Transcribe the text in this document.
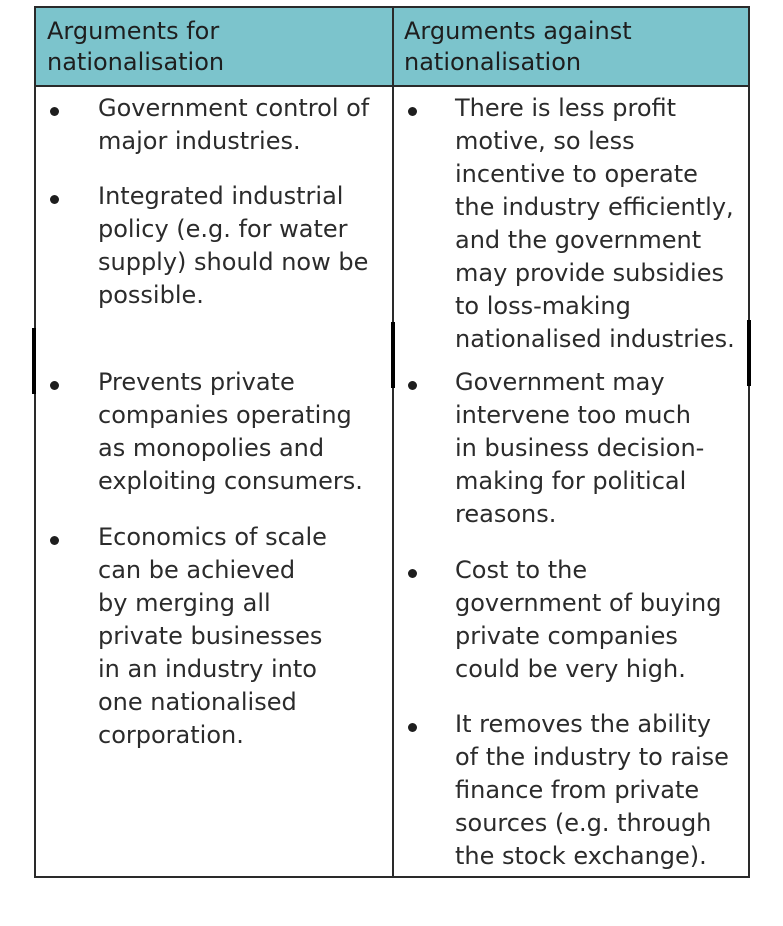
Arguments for
nationalisation
Arguments against
nationalisation
Government control of
major industries.
Integrated industrial
policy (e.g. for water
supply) should now be
possible.
Prevents private
companies operating
as monopolies and
exploiting consumers.
Economics of scale
can be achieved
by merging all
private businesses
in an industry into
one nationalised
corporation.
There is less profit
motive, so less
incentive to operate
the industry efficiently,
and the government
may provide subsidies
to loss-making
nationalised industries.
Government may
intervene too much
in business decision-
making for political
reasons.
Cost to the
government of buying
private companies
could be very high.
It removes the ability
of the industry to raise
finance from private
sources (e.g. through
the stock exchange).
